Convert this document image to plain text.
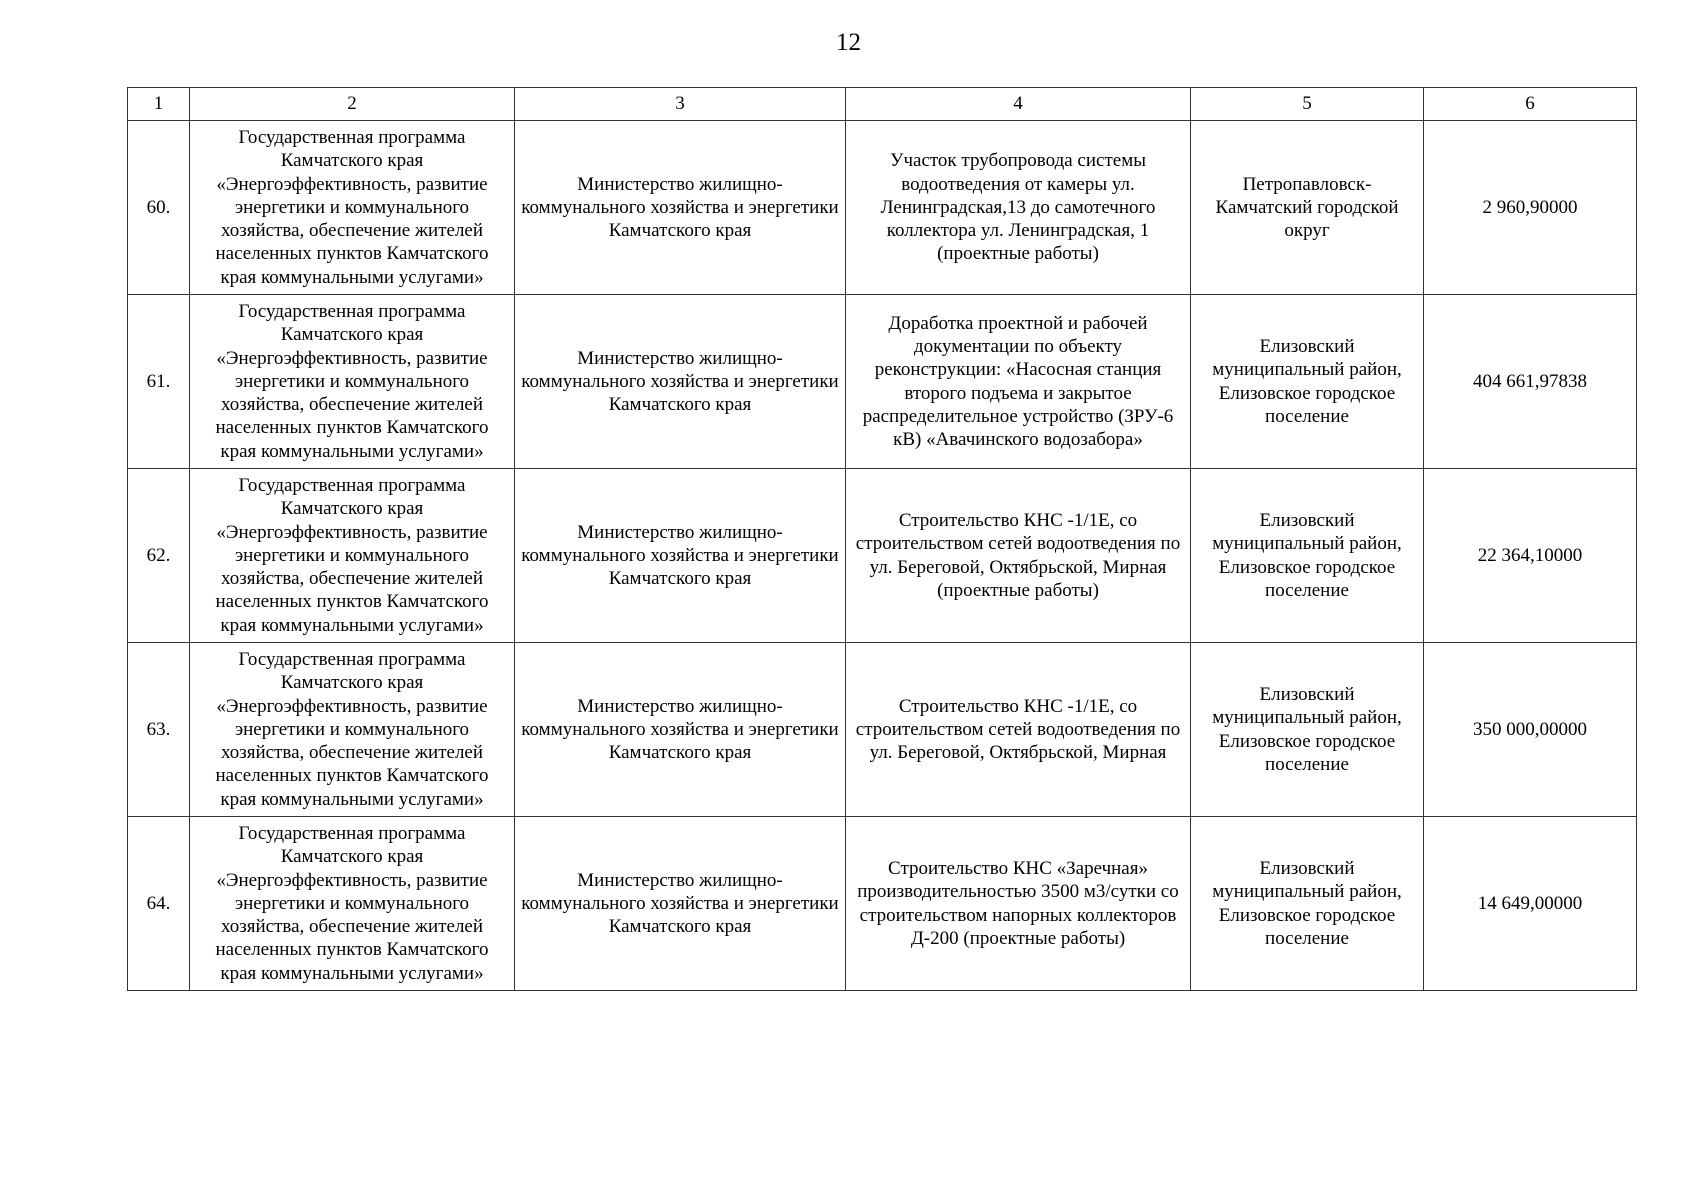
12
1	2	3	4	5	6
60.	Государственная программа Камчатского края «Энергоэффективность, развитие энергетики и коммунального хозяйства, обеспечение жителей населенных пунктов Камчатского края коммунальными услугами»	Министерство жилищно-коммунального хозяйства и энергетики Камчатского края	Участок трубопровода системы водоотведения от камеры ул. Ленинградская,13 до самотечного коллектора ул. Ленинградская, 1 (проектные работы)	Петропавловск-Камчатский городской округ	2 960,90000
61.	Государственная программа Камчатского края «Энергоэффективность, развитие энергетики и коммунального хозяйства, обеспечение жителей населенных пунктов Камчатского края коммунальными услугами»	Министерство жилищно-коммунального хозяйства и энергетики Камчатского края	Доработка проектной и рабочей документации по объекту реконструкции: «Насосная станция второго подъема и закрытое распределительное устройство (ЗРУ-6 кВ) «Авачинского водозабора»	Елизовский муниципальный район, Елизовское городское поселение	404 661,97838
62.	Государственная программа Камчатского края «Энергоэффективность, развитие энергетики и коммунального хозяйства, обеспечение жителей населенных пунктов Камчатского края коммунальными услугами»	Министерство жилищно-коммунального хозяйства и энергетики Камчатского края	Строительство КНС -1/1Е, со строительством сетей водоотведения по ул. Береговой, Октябрьской, Мирная (проектные работы)	Елизовский муниципальный район, Елизовское городское поселение	22 364,10000
63.	Государственная программа Камчатского края «Энергоэффективность, развитие энергетики и коммунального хозяйства, обеспечение жителей населенных пунктов Камчатского края коммунальными услугами»	Министерство жилищно-коммунального хозяйства и энергетики Камчатского края	Строительство КНС -1/1Е, со строительством сетей водоотведения по ул. Береговой, Октябрьской, Мирная	Елизовский муниципальный район, Елизовское городское поселение	350 000,00000
64.	Государственная программа Камчатского края «Энергоэффективность, развитие энергетики и коммунального хозяйства, обеспечение жителей населенных пунктов Камчатского края коммунальными услугами»	Министерство жилищно-коммунального хозяйства и энергетики Камчатского края	Строительство КНС «Заречная» производительностью 3500 м3/сутки со строительством напорных коллекторов Д-200 (проектные работы)	Елизовский муниципальный район, Елизовское городское поселение	14 649,00000
